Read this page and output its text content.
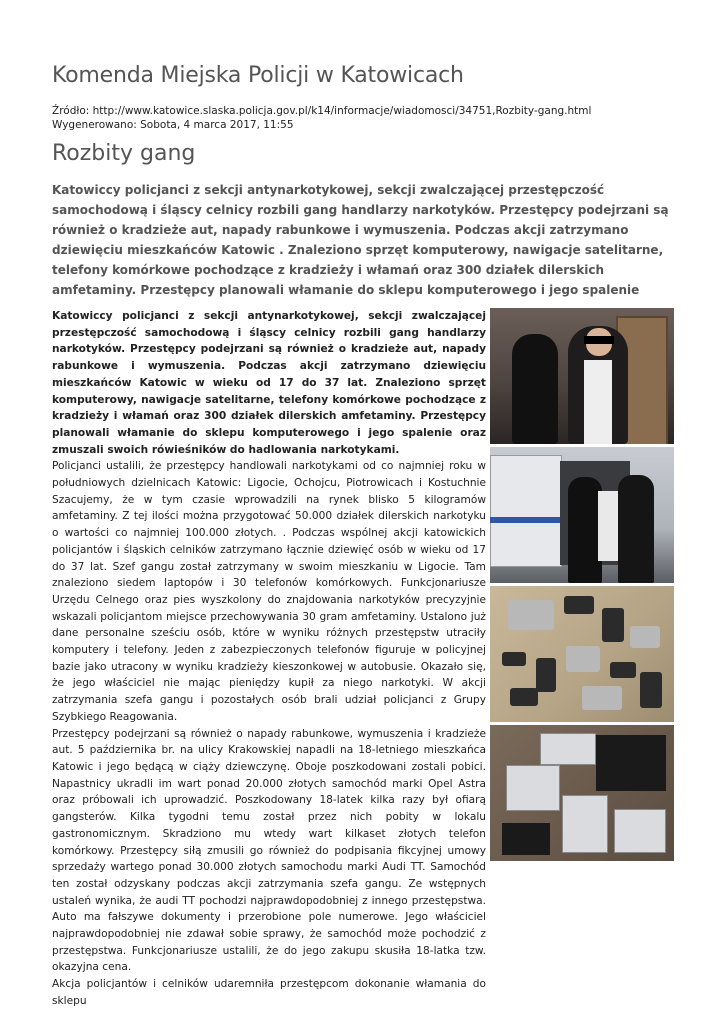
Komenda Miejska Policji w Katowicach
Źródło: http://www.katowice.slaska.policja.gov.pl/k14/informacje/wiadomosci/34751,Rozbity-gang.html
Wygenerowano: Sobota, 4 marca 2017, 11:55
Rozbity gang
Katowiccy policjanci z sekcji antynarkotykowej, sekcji zwalczającej przestępczość samochodową i śląscy celnicy rozbili gang handlarzy narkotyków. Przestępcy podejrzani są również o kradzieże aut, napady rabunkowe i wymuszenia. Podczas akcji zatrzymano dziewięciu mieszkańców Katowic . Znaleziono sprzęt komputerowy, nawigacje satelitarne, telefony komórkowe pochodzące z kradzieży i włamań oraz 300 działek dilerskich amfetaminy. Przestępcy planowali włamanie do sklepu komputerowego i jego spalenie

Katowiccy policjanci z sekcji antynarkotykowej, sekcji zwalczającej przestępczość samochodową i śląscy celnicy rozbili gang handlarzy narkotyków. Przestępcy podejrzani są również o kradzieże aut, napady rabunkowe i wymuszenia. Podczas akcji zatrzymano dziewięciu mieszkańców Katowic w wieku od 17 do 37 lat. Znaleziono sprzęt komputerowy, nawigacje satelitarne, telefony komórkowe pochodzące z kradzieży i włamań oraz 300 działek dilerskich amfetaminy. Przestępcy planowali włamanie do sklepu komputerowego i jego spalenie oraz zmuszali swoich rówieśników do hadlowania narkotykami.

Policjanci ustalili, że przestępcy handlowali narkotykami od co najmniej roku w południowych dzielnicach Katowic: Ligocie, Ochojcu, Piotrowicach i Kostuchnie Szacujemy, że w tym czasie wprowadzili na rynek blisko 5 kilogramów amfetaminy. Z tej ilości można przygotować 50.000 działek dilerskich narkotyku o wartości co najmniej 100.000 złotych. . Podczas wspólnej akcji katowickich policjantów i śląskich celników zatrzymano łącznie dziewięć osób w wieku od 17 do 37 lat. Szef gangu został zatrzymany w swoim mieszkaniu w Ligocie. Tam znaleziono siedem laptopów i 30 telefonów komórkowych. Funkcjonariusze Urzędu Celnego oraz pies wyszkolony do znajdowania narkotyków precyzyjnie wskazali policjantom miejsce przechowywania 30 gram amfetaminy. Ustalono już dane personalne sześciu osób, które w wyniku różnych przestępstw utraciły komputery i telefony. Jeden z zabezpieczonych telefonów figuruje w policyjnej bazie jako utracony w wyniku kradzieży kieszonkowej w autobusie. Okazało się, że jego właściciel nie mając pieniędzy kupił za niego narkotyki. W akcji zatrzymania szefa gangu i pozostałych osób brali udział policjanci z Grupy Szybkiego Reagowania.

Przestępcy podejrzani są również o napady rabunkowe, wymuszenia i kradzieże aut. 5 października br. na ulicy Krakowskiej napadli na 18-letniego mieszkańca Katowic i jego będącą w ciąży dziewczynę. Oboje poszkodowani zostali pobici. Napastnicy ukradli im wart ponad 20.000 złotych samochód marki Opel Astra oraz próbowali ich uprowadzić. Poszkodowany 18-latek kilka razy był ofiarą gangsterów. Kilka tygodni temu został przez nich pobity w lokalu gastronomicznym. Skradziono mu wtedy wart kilkaset złotych telefon komórkowy. Przestępcy siłą zmusili go również do podpisania fikcyjnej umowy sprzedaży wartego ponad 30.000 złotych samochodu marki Audi TT. Samochód ten został odzyskany podczas akcji zatrzymania szefa gangu. Ze wstępnych ustaleń wynika, że audi TT pochodzi najprawdopodobniej z innego przestępstwa. Auto ma fałszywe dokumenty i przerobione pole numerowe. Jego właściciel najprawdopodobniej nie zdawał sobie sprawy, że samochód może pochodzić z przestępstwa. Funkcjonariusze ustalili, że do jego zakupu skusiła 18-latka tzw. okazyjna cena.

Akcja policjantów i celników udaremniła przestępcom dokonanie włamania do sklepu
